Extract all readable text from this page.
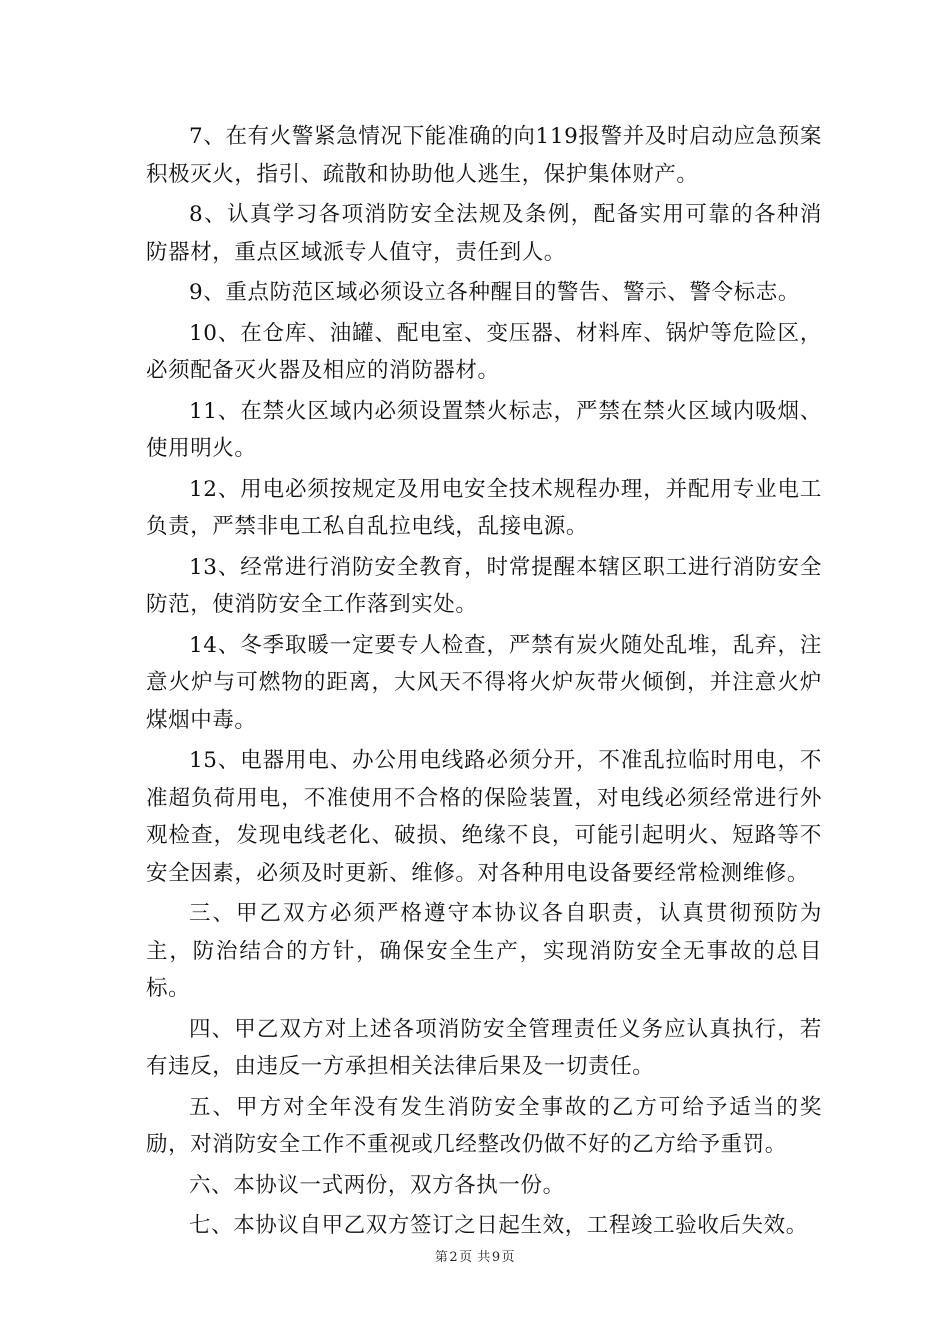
7、在有火警紧急情况下能准确的向119报警并及时启动应急预案积极灭火，指引、疏散和协助他人逃生，保护集体财产。

8、认真学习各项消防安全法规及条例，配备实用可靠的各种消防器材，重点区域派专人值守，责任到人。

9、重点防范区域必须设立各种醒目的警告、警示、警令标志。

10、在仓库、油罐、配电室、变压器、材料库、锅炉等危险区，必须配备灭火器及相应的消防器材。

11、在禁火区域内必须设置禁火标志，严禁在禁火区域内吸烟、使用明火。

12、用电必须按规定及用电安全技术规程办理，并配用专业电工负责，严禁非电工私自乱拉电线，乱接电源。

13、经常进行消防安全教育，时常提醒本辖区职工进行消防安全防范，使消防安全工作落到实处。

14、冬季取暖一定要专人检查，严禁有炭火随处乱堆，乱弃，注意火炉与可燃物的距离，大风天不得将火炉灰带火倾倒，并注意火炉煤烟中毒。

15、电器用电、办公用电线路必须分开，不准乱拉临时用电，不准超负荷用电，不准使用不合格的保险装置，对电线必须经常进行外观检查，发现电线老化、破损、绝缘不良，可能引起明火、短路等不安全因素，必须及时更新、维修。对各种用电设备要经常检测维修。

三、甲乙双方必须严格遵守本协议各自职责，认真贯彻预防为主，防治结合的方针，确保安全生产，实现消防安全无事故的总目标。

四、甲乙双方对上述各项消防安全管理责任义务应认真执行，若有违反，由违反一方承担相关法律后果及一切责任。

五、甲方对全年没有发生消防安全事故的乙方可给予适当的奖励，对消防安全工作不重视或几经整改仍做不好的乙方给予重罚。

六、本协议一式两份，双方各执一份。

七、本协议自甲乙双方签订之日起生效，工程竣工验收后失效。

第2页 共9页
